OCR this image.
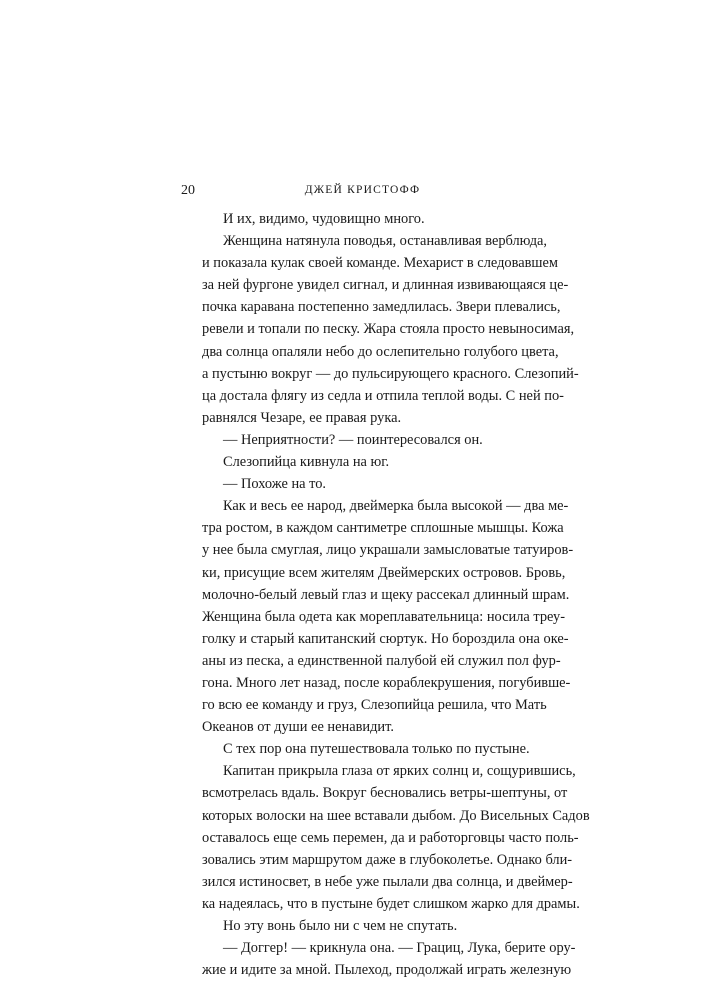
20	ДЖЕЙ КРИСТОФФ
И их, видимо, чудовищно много.
Женщина натянула поводья, останавливая верблюда,
и показала кулак своей команде. Мехарист в следовавшем
за ней фургоне увидел сигнал, и длинная извивающаяся це-
почка каравана постепенно замедлилась. Звери плевались,
ревели и топали по песку. Жара стояла просто невыносимая,
два солнца опаляли небо до ослепительно голубого цвета,
а пустыню вокруг — до пульсирующего красного. Слезопий-
ца достала флягу из седла и отпила теплой воды. С ней по-
равнялся Чезаре, ее правая рука.
— Неприятности? — поинтересовался он.
Слезопийца кивнула на юг.
— Похоже на то.
Как и весь ее народ, двеймерка была высокой — два ме-
тра ростом, в каждом сантиметре сплошные мышцы. Кожа
у нее была смуглая, лицо украшали замысловатые татуиров-
ки, присущие всем жителям Двеймерских островов. Бровь,
молочно-белый левый глаз и щеку рассекал длинный шрам.
Женщина была одета как мореплавательница: носила треу-
голку и старый капитанский сюртук. Но бороздила она оке-
аны из песка, а единственной палубой ей служил пол фур-
гона. Много лет назад, после кораблекрушения, погубивше-
го всю ее команду и груз, Слезопийца решила, что Мать
Океанов от души ее ненавидит.
С тех пор она путешествовала только по пустыне.
Капитан прикрыла глаза от ярких солнц и, сощурившись,
всмотрелась вдаль. Вокруг бесновались ветры-шептуны, от
которых волоски на шее вставали дыбом. До Висельных Садов
оставалось еще семь перемен, да и работорговцы часто поль-
зовались этим маршрутом даже в глубоколетье. Однако бли-
зился истиносвет, в небе уже пылали два солнца, и двеймер-
ка надеялась, что в пустыне будет слишком жарко для драмы.
Но эту вонь было ни с чем не спутать.
— Доггер! — крикнула она. — Грациц, Лука, берите ору-
жие и идите за мной. Пылеход, продолжай играть железную
